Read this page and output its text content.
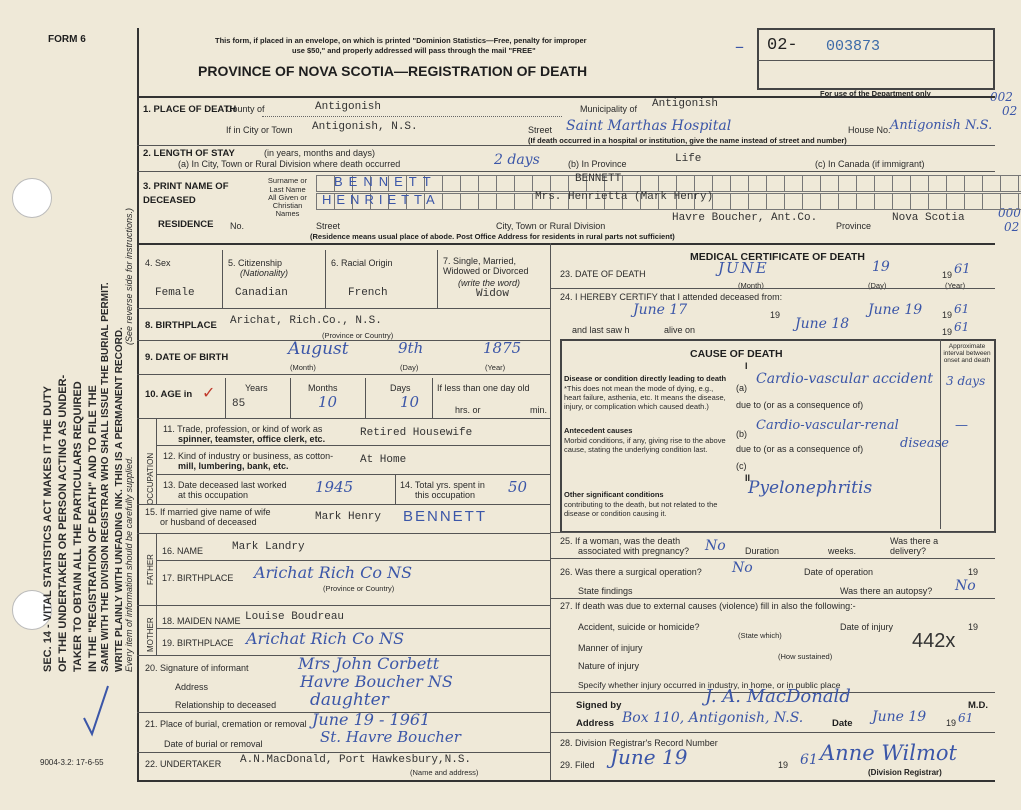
FORM 6
SEC. 14 - VITAL STATISTICS ACT MAKES IT THE DUTY OF THE UNDERTAKER OR PERSON ACTING AS UNDER- TAKER TO OBTAIN ALL THE PARTICULARS REQUIRED IN THE "REGISTRATION OF DEATH" AND TO FILE THE SAME WITH THE DIVISION REGISTRAR WHO SHALL ISSUE THE BURIAL PERMIT. WRITE PLAINLY WITH UNFADING INK. THIS IS A PERMANENT RECORD. Every item of information should be carefully supplied.
(See reverse side for instructions.)
9004-3.2: 17-6-55
This form, if placed in an envelope, on which is printed "Dominion Statistics—Free, penalty for improper
use $50," and properly addressed will pass through the mail "FREE"
PROVINCE OF NOVA SCOTIA—REGISTRATION OF DEATH
– 02- 003873
For use of the Department only	002
02
000
02
1. PLACE OF DEATH
County of	Antigonish	Municipality of Antigonish
If in City or Town Antigonish, N.S.	Street Saint Marthas Hospital	House No. Antigonish N.S.
(If death occurred in a hospital or institution, give the name instead of street and number)
2. LENGTH OF STAY	(in years, months and days)
(a) In City, Town or Rural Division where death occurred	2 days	(b) In Province	Life	(c) In Canada (if immigrant)
3. PRINT NAME OF DECEASED
Surname or Last Name
All Given or Christian Names
BENNETT
HENRIETTA
BENNETT
Mrs. Henrietta (Mark Henry)
RESIDENCE No.	Street	City, Town or Rural Division
Havre Boucher, Ant.Co.
Province
Nova Scotia
(Residence means usual place of abode. Post Office Address for residents in rural parts not sufficient)
4. Sex
Female
5. Citizenship
(Nationality)
Canadian
6. Racial Origin
French
7. Single, Married, Widowed or Divorced
(write the word)
Widow
8. BIRTHPLACE Arichat, Rich.Co., N.S.
(Province or Country)
9. DATE OF BIRTH	August	9th	1875
(Month)	(Day)	(Year)
10. AGE in ✓	Years	Months	Days
85	10	10
If less than one day old
hrs. or	min.
OCCUPATION
11. Trade, profession, or kind of work as
spinner, teamster, office clerk, etc.	Retired Housewife
12. Kind of industry or business, as cotton-
mill, lumbering, bank, etc.	At Home
13. Date deceased last worked
at this occupation	1945	14. Total yrs. spent in
this occupation 50
15. If married give name of wife
or husband of deceased	Mark Henry BENNETT
FATHER
16. NAME	Mark Landry
17. BIRTHPLACE Arichat Rich Co NS
(Province or Country)
MOTHER 18. MAIDEN NAME Louise Boudreau
19. BIRTHPLACE Arichat Rich Co NS
20. Signature of informant	Mrs John Corbett
Address	Havre Boucher NS
Relationship to deceased daughter
21. Place of burial, cremation or removal June 19 - 1961
Date of burial or removal	St. Havre Boucher
22. UNDERTAKER A.N.MacDonald, Port Hawkesbury,N.S.
(Name and address)
MEDICAL CERTIFICATE OF DEATH
23. DATE OF DEATH	JUNE	19	19 61
(Month)	(Day)	(Year)
24. I HEREBY CERTIFY that I attended deceased from:
June 17	19	June 19 19 61
and last saw h	alive on	June 18	19 61
CAUSE OF DEATH
Approximate interval between onset and death
I
Disease or condition directly leading to death
*This does not mean the mode of dying, e.g., heart failure, asthenia, etc. It means the disease, injury, or complication which caused death.)
(a)
Cardio-vascular accident 3 days
due to (or as a consequence of)
Antecedent causes
Morbid conditions, if any, giving rise to the above cause, stating the underlying condition last.
(b)
Cardio-vascular-renal	—
due to (or as a consequence of)	disease
(c)
II
Other significant conditions
contributing to the death, but not related to the disease or condition causing it.
Pyelonephritis
25. If a woman, was the death
associated with pregnancy? No Duration	weeks.
Was there a delivery?
26. Was there a surgical operation? No	Date of operation	19
State findings	Was there an autopsy? No
27. If death was due to external causes (violence) fill in also the following:-
Accident, suicide or homicide?	Date of injury	19
(State which)	442x
Manner of injury
(How sustained)
Nature of injury
Specify whether injury occurred in industry, in home, or in public place
Signed by	J. A. MacDonald	M.D.
Address Box 110, Antigonish, N.S.	Date June 19 19 61
28. Division Registrar's Record Number
29. Filed June 19	19 61 Anne Wilmot
(Division Registrar)
